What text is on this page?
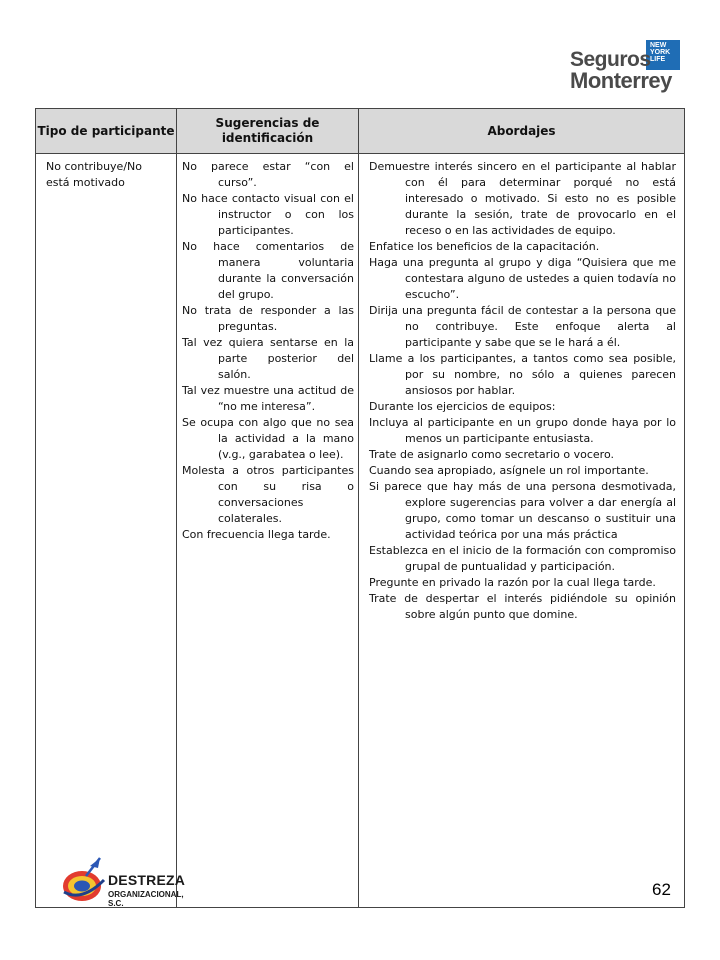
NEW
YORK
LIFE
Seguros
Monterrey
Tipo de participante
Sugerencias de identificación
Abordajes

No contribuye/No está motivado

No parece estar “con el curso”.

No hace contacto visual con el instructor o con los participantes.

No hace comentarios de manera voluntaria durante la conversación del grupo.

No trata de responder a las preguntas.

Tal vez quiera sentarse en la parte posterior del salón.

Tal vez muestre una actitud de “no me interesa”.

Se ocupa con algo que no sea la actividad a la mano (v.g., garabatea o lee).

Molesta a otros participantes con su risa o conversaciones colaterales.

Con frecuencia llega tarde.

Demuestre interés sincero en el participante al hablar con él para determinar porqué no está interesado o motivado. Si esto no es posible durante la sesión, trate de provocarlo en el receso o en las actividades de equipo.

Enfatice los beneficios de la capacitación.

Haga una pregunta al grupo y diga “Quisiera que me contestara alguno de ustedes a quien todavía no escucho”.

Dirija una pregunta fácil de contestar a la persona que no contribuye. Este enfoque alerta al participante y sabe que se le hará a él.

Llame a los participantes, a tantos como sea posible, por su nombre, no sólo a quienes parecen ansiosos por hablar.

Durante los ejercicios de equipos:

Incluya al participante en un grupo donde haya por lo menos un participante entusiasta.

Trate de asignarlo como secretario o vocero.

Cuando sea apropiado, asígnele un rol importante.

Si parece que hay más de una persona desmotivada, explore sugerencias para volver a dar energía al grupo, como tomar un descanso o sustituir una actividad teórica por una más práctica

Establezca en el inicio de la formación con compromiso grupal de puntualidad y participación.

Pregunte en privado la razón por la cual llega tarde.

Trate de despertar el interés pidiéndole su opinión sobre algún punto que domine.

DESTREZA
ORGANIZACIONAL, S.C.
62
